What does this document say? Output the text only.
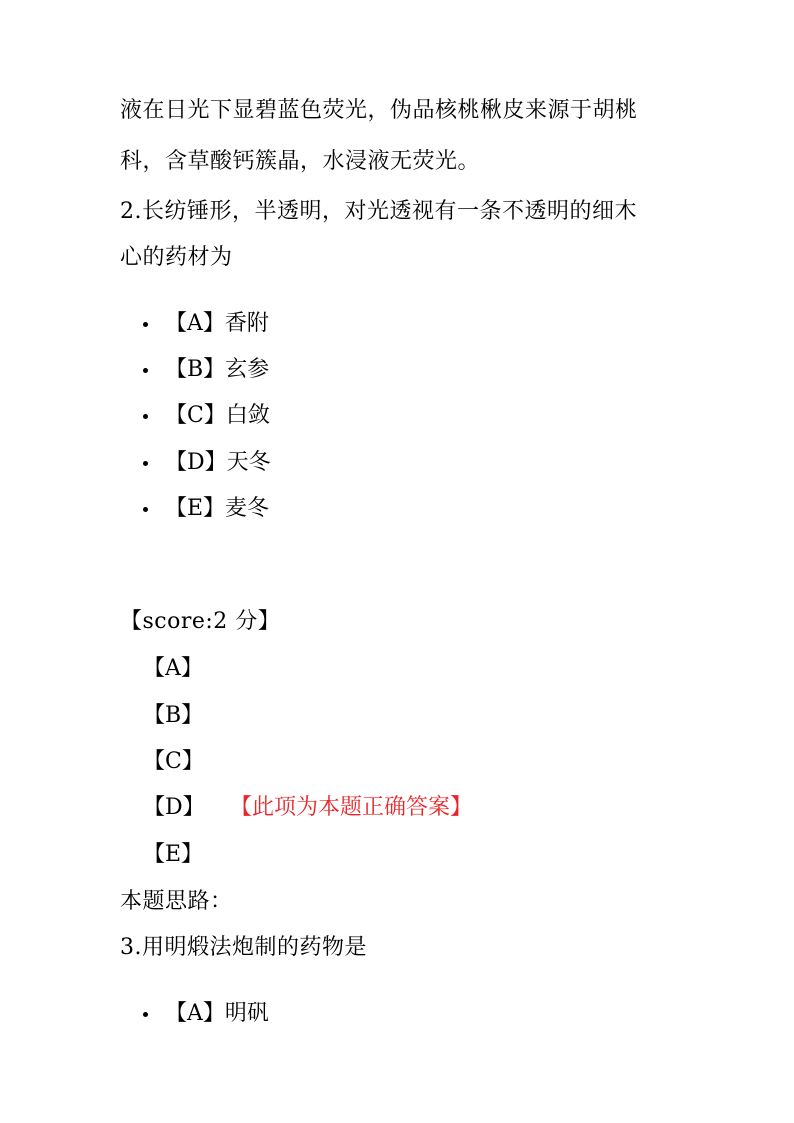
液在日光下显碧蓝色荧光，伪品核桃楸皮来源于胡桃
科，含草酸钙簇晶，水浸液无荧光。
2.长纺锤形，半透明，对光透视有一条不透明的细木
心的药材为
【A】香附
【B】玄参
【C】白敛
【D】天冬
【E】麦冬
【score:2 分】
【A】
【B】
【C】
【D】 【此项为本题正确答案】
【E】
本题思路：
3.用明煅法炮制的药物是
【A】明矾
